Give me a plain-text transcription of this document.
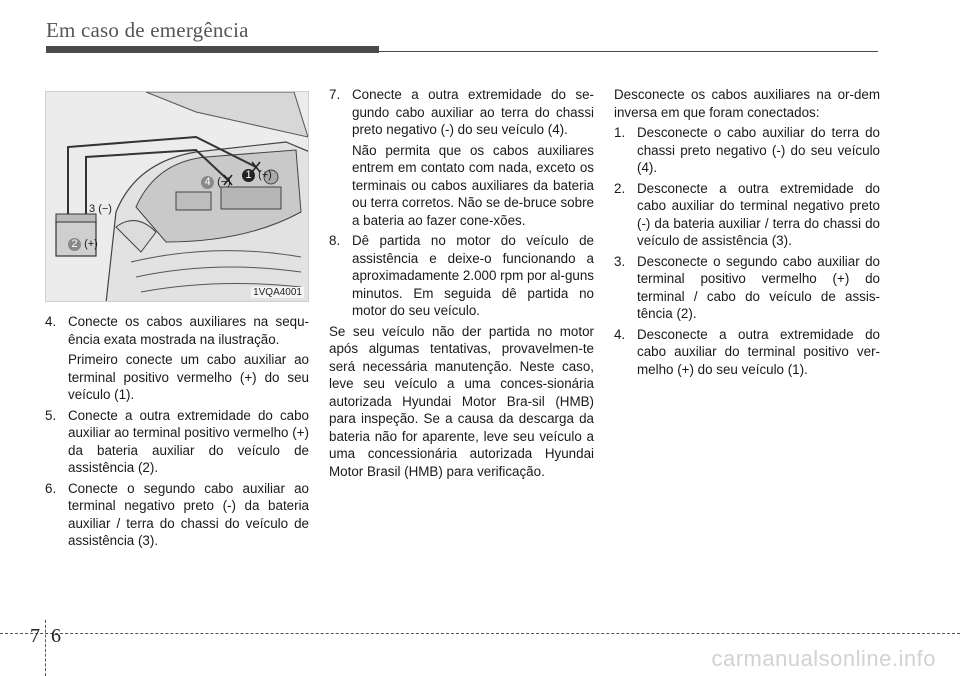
Em caso de emergência
1 (+)
4 (−)
3 (−)
2 (+)
1VQA4001
4. Conecte os cabos auxiliares na sequ-ência exata mostrada na ilustração.
Primeiro conecte um cabo auxiliar ao terminal positivo vermelho (+) do seu veículo (1).
5. Conecte a outra extremidade do cabo auxiliar ao terminal positivo vermelho (+) da bateria auxiliar do veículo de assistência (2).
6. Conecte o segundo cabo auxiliar ao terminal negativo preto (-) da bateria auxiliar / terra do chassi do veículo de assistência (3).
7. Conecte a outra extremidade do se-gundo cabo auxiliar ao terra do chassi preto negativo (-) do seu veículo (4).
Não permita que os cabos auxiliares entrem em contato com nada, exceto os terminais ou cabos auxiliares da bateria ou terra corretos. Não se de-bruce sobre a bateria ao fazer cone-xões.
8. Dê partida no motor do veículo de assistência e deixe-o funcionando a aproximadamente 2.000 rpm por al-guns minutos. Em seguida dê partida no motor do seu veículo.
Se seu veículo não der partida no motor após algumas tentativas, provavelmen-te será necessária manutenção. Neste caso, leve seu veículo a uma conces-sionária autorizada Hyundai Motor Bra-sil (HMB) para inspeção. Se a causa da descarga da bateria não for aparente, leve seu veículo a uma concessionária autorizada Hyundai Motor Brasil (HMB) para verificação.
Desconecte os cabos auxiliares na or-dem inversa em que foram conectados:
1. Desconecte o cabo auxiliar do terra do chassi preto negativo (-) do seu veículo (4).
2. Desconecte a outra extremidade do cabo auxiliar do terminal negativo preto (-) da bateria auxiliar / terra do chassi do veículo de assistência (3).
3. Desconecte o segundo cabo auxiliar do terminal positivo vermelho (+) do terminal / cabo do veículo de assis-tência (2).
4. Desconecte a outra extremidade do cabo auxiliar do terminal positivo ver-melho (+) do seu veículo (1).
7 6
carmanualsonline.info
